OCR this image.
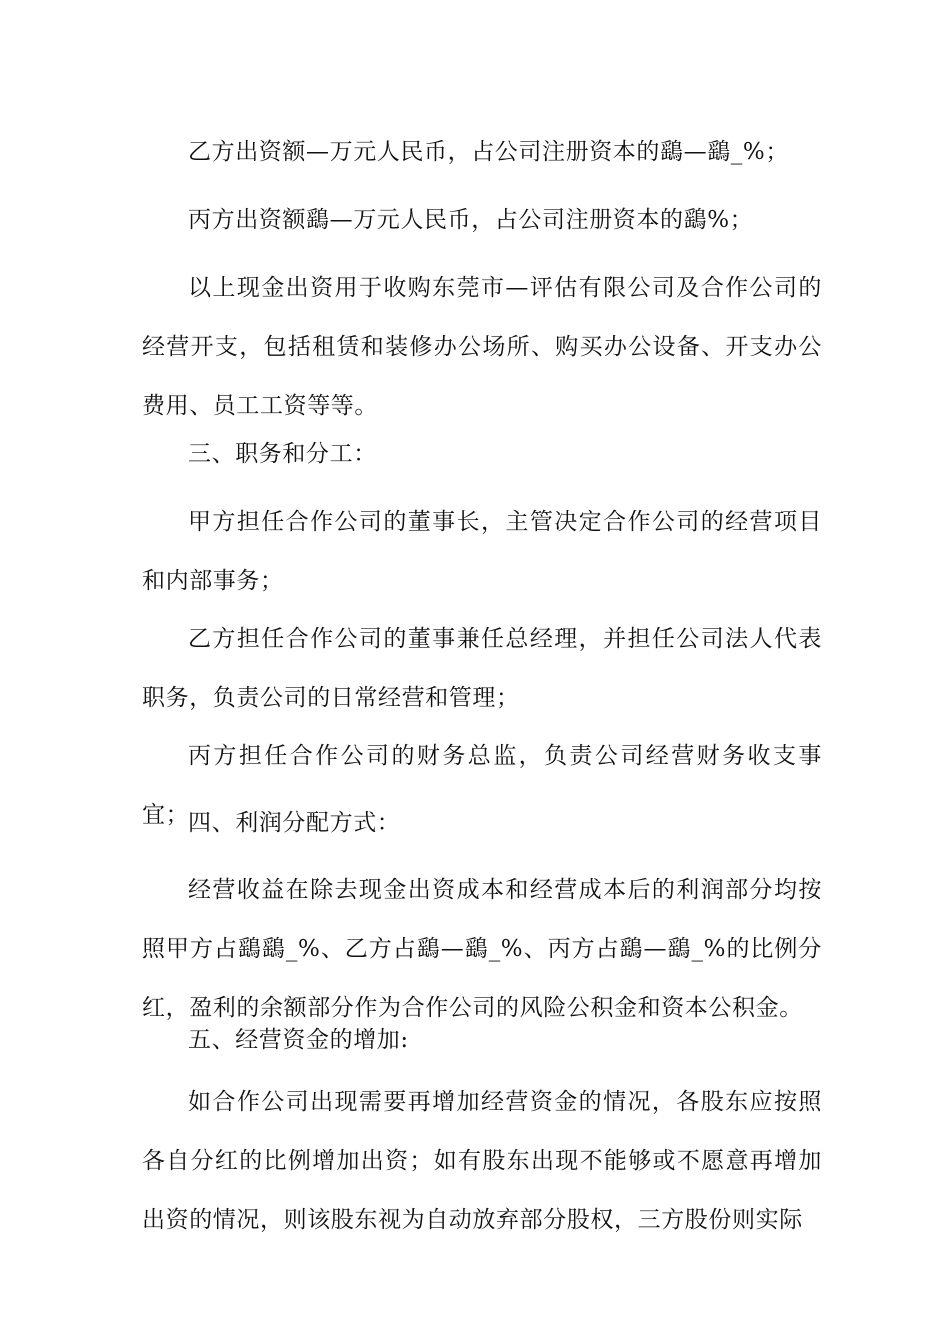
乙方出资额—万元人民币，占公司注册资本的鷂—鷂_%；

丙方出资额鷂—万元人民币，占公司注册资本的鷂%；

以上现金出资用于收购东莞市—评估有限公司及合作公司的经营开支，包括租赁和装修办公场所、购买办公设备、开支办公费用、员工工资等等。

三、职务和分工：

甲方担任合作公司的董事长，主管决定合作公司的经营项目和内部事务；

乙方担任合作公司的董事兼任总经理，并担任公司法人代表职务，负责公司的日常经营和管理；

丙方担任合作公司的财务总监，负责公司经营财务收支事宜；

四、利润分配方式：

经营收益在除去现金出资成本和经营成本后的利润部分均按照甲方占鷂鷂_%、乙方占鷂—鷂_%、丙方占鷂—鷂_%的比例分红，盈利的余额部分作为合作公司的风险公积金和资本公积金。

五、经营资金的增加:

如合作公司出现需要再增加经营资金的情况，各股东应按照各自分红的比例增加出资；如有股东出现不能够或不愿意再增加出资的情况，则该股东视为自动放弃部分股权，三方股份则实际
